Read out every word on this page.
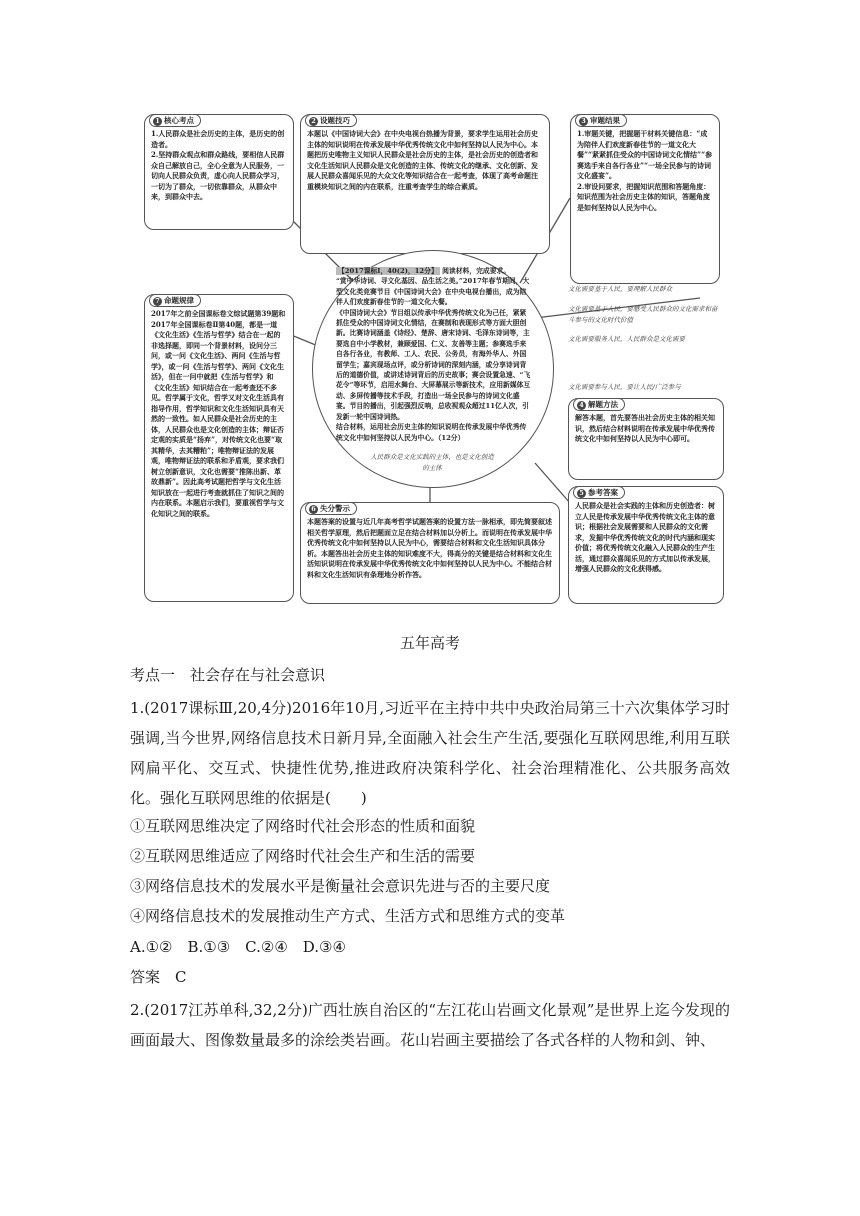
1 核心考点
1.人民群众是社会历史的主体，是历史的创造者。
2.坚持群众观点和群众路线，要相信人民群众自己解放自己，全心全意为人民服务，一切向人民群众负责，虚心向人民群众学习，一切为了群众，一切依靠群众，从群众中来，到群众中去。
2 设题技巧
本题以《中国诗词大会》在中央电视台热播为背景，要求学生运用社会历史主体的知识说明在传承发展中华优秀传统文化中如何坚持以人民为中心。本题把历史唯物主义知识人民群众是社会历史的主体，是社会历史的创造者和文化生活知识人民群众是文化创造的主体、传统文化的继承、文化创新、发展人民群众喜闻乐见的大众文化等知识结合在一起考查，体现了高考命题注重模块知识之间的内在联系，注重考查学生的综合素质。
3 审题结果
1.审题关键，把握题干材料关键信息：“成为陪伴人们欢度新春佳节的一道文化大餐”“紧紧抓住受众的中国诗词文化情结”“参赛选手来自各行各业”“一场全民参与的诗词文化盛宴”。
2.审设问要求，把握知识范围和答题角度：知识范围为社会历史主体的知识，答题角度是如何坚持以人民为中心。
7 命题规律
2017年之前全国课标卷文综试题第39题和2017年全国课标卷Ⅱ第40题，都是一道《文化生活》《生活与哲学》结合在一起的非选择题，即同一个背景材料，设问分三问，或一问《文化生活》、两问《生活与哲学》，或一问《生活与哲学》、两问《文化生活》，但在一问中就把《生活与哲学》和《文化生活》知识结合在一起考查还不多见。哲学属于文化，哲学又对文化生活具有指导作用，哲学知识和文化生活知识具有天然的一致性。如人民群众是社会历史的主体，人民群众也是文化创造的主体；辩证否定观的实质是“扬弃”，对传统文化也要“取其精华，去其糟粕”；唯物辩证法的发展观，唯物辩证法的联系和矛盾观，要求我们树立创新意识，文化也需要“推陈出新、革故鼎新”。因此高考试题把哲学与文化生活知识放在一起进行考查就抓住了知识之间的内在联系。本题启示我们，要重视哲学与文化知识之间的联系。
【2017课标Ⅰ，40(2)，12分】 阅读材料，完成要求。
“赏中华诗词、寻文化基因、品生活之美。”2017年春节期间，大型文化类竞赛节目《中国诗词大会》在中央电视台播出，成为陪伴人们欢度新春佳节的一道文化大餐。
《中国诗词大会》节目组以传承中华优秀传统文化为己任，紧紧抓住受众的中国诗词文化情结，在赛制和表现形式等方面大胆创新。比赛诗词涵盖《诗经》、楚辞、唐宋诗词、毛泽东诗词等，主要选自中小学教材，兼顾爱国、仁义、友善等主题；参赛选手来自各行各业，有教师、工人、农民、公务员，有海外华人、外国留学生；嘉宾现场点评，或分析诗词的深刻内涵，或分享诗词背后的道德价值，或讲述诗词背后的历史故事；赛会设置急速、“飞花令”等环节，启用水舞台、大屏幕展示等新技术，应用新媒体互动、多屏传播等技术手段，打造出一场全民参与的诗词文化盛宴。节目的播出，引起强烈反响，总收视观众超过11亿人次，引发新一轮中国诗词热。
结合材料，运用社会历史主体的知识说明在传承发展中华优秀传统文化中如何坚持以人民为中心。（12分）
人民群众是文化实践的主体，也是文化创造的主体
文化需要基于人民，要理解人民群众
文化需要基于人民，要感受人民群众的文化需求和奋斗参与的文化时代价值
文化需要服务人民，人民群众是文化需要
文化需要参与人民，要让人民/广泛参与
4 解题方法
解答本题，首先要答出社会历史主体的相关知识，然后结合材料说明在传承发展中华优秀传统文化中如何坚持以人民为中心即可。
5 参考答案
人民群众是社会实践的主体和历史创造者：树立人民是传承发展中华优秀传统文化主体的意识；根据社会发展需要和人民群众的文化需求，发掘中华优秀传统文化的时代内涵和现实价值；将优秀传统文化融入人民群众的生产生活，通过群众喜闻乐见的方式加以传承发展，增强人民群众的文化获得感。
6 失分警示
本题答案的设置与近几年高考哲学试题答案的设置方法一脉相承，即先简要叙述相关哲学原理，然后把题面立足在结合材料加以分析上。而说明在传承发展中华优秀传统文化中如何坚持以人民为中心，需要结合材料和文化生活知识具体分析。本题答出社会历史主体的知识难度不大，得高分的关键是结合材料和文化生活知识说明在传承发展中华优秀传统文化中如何坚持以人民为中心。不能结合材料和文化生活知识有条理地分析作答。
五年高考
考点一　社会存在与社会意识
1.(2017课标Ⅲ,20,4分)2016年10月,习近平在主持中共中央政治局第三十六次集体学习时强调,当今世界,网络信息技术日新月异,全面融入社会生产生活,要强化互联网思维,利用互联网扁平化、交互式、快捷性优势,推进政府决策科学化、社会治理精准化、公共服务高效化。强化互联网思维的依据是(　　)
①互联网思维决定了网络时代社会形态的性质和面貌
②互联网思维适应了网络时代社会生产和生活的需要
③网络信息技术的发展水平是衡量社会意识先进与否的主要尺度
④网络信息技术的发展推动生产方式、生活方式和思维方式的变革
A.①②　B.①③　C.②④　D.③④
答案　C
2.(2017江苏单科,32,2分)广西壮族自治区的“左江花山岩画文化景观”是世界上迄今发现的画面最大、图像数量最多的涂绘类岩画。花山岩画主要描绘了各式各样的人物和剑、钟、
